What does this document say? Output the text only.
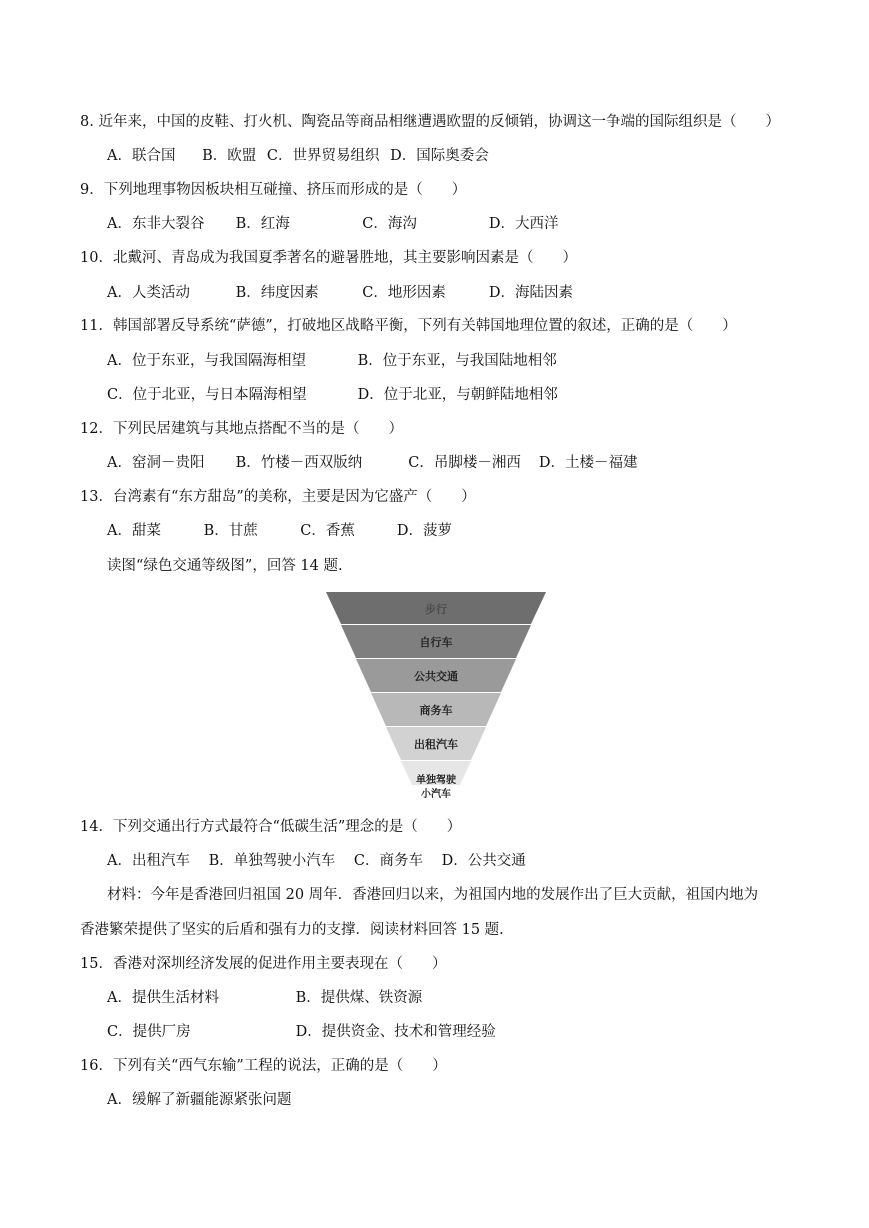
8. 近年来，中国的皮鞋、打火机、陶瓷品等商品相继遭遇欧盟的反倾销，协调这一争端的国际组织是（　　）
A．联合国 B．欧盟 C．世界贸易组织 D．国际奥委会
9．下列地理事物因板块相互碰撞、挤压而形成的是（　　）
A．东非大裂谷 B．红海	C．海沟	D．大西洋
10．北戴河、青岛成为我国夏季著名的避暑胜地，其主要影响因素是（　　）
A．人类活动	B．纬度因素	C．地形因素	D．海陆因素
11．韩国部署反导系统“萨德”，打破地区战略平衡，下列有关韩国地理位置的叙述，正确的是（　　）
A．位于东亚，与我国隔海相望	B．位于东亚，与我国陆地相邻
C．位于北亚，与日本隔海相望	D．位于北亚，与朝鲜陆地相邻
12．下列民居建筑与其地点搭配不当的是（　　）
A．窑洞－贵阳 B．竹楼－西双版纳	C．吊脚楼－湘西 D．土楼－福建
13．台湾素有“东方甜岛”的美称，主要是因为它盛产（　　）
A．甜菜	B．甘蔗	C．香蕉	D．菠萝
读图“绿色交通等级图”，回答 14 题.
步行
自行车
公共交通
商务车
出租汽车
单独驾驶
小汽车
14．下列交通出行方式最符合“低碳生活”理念的是（　　）
A．出租汽车 B．单独驾驶小汽车 C．商务车 D．公共交通
材料：今年是香港回归祖国 20 周年．香港回归以来，为祖国内地的发展作出了巨大贡献，祖国内地为
香港繁荣提供了坚实的后盾和强有力的支撑．阅读材料回答 15 题.
15．香港对深圳经济发展的促进作用主要表现在（　　）
A．提供生活材料	B．提供煤、铁资源
C．提供厂房	D．提供资金、技术和管理经验
16．下列有关“西气东输”工程的说法，正确的是（　　）
A．缓解了新疆能源紧张问题
